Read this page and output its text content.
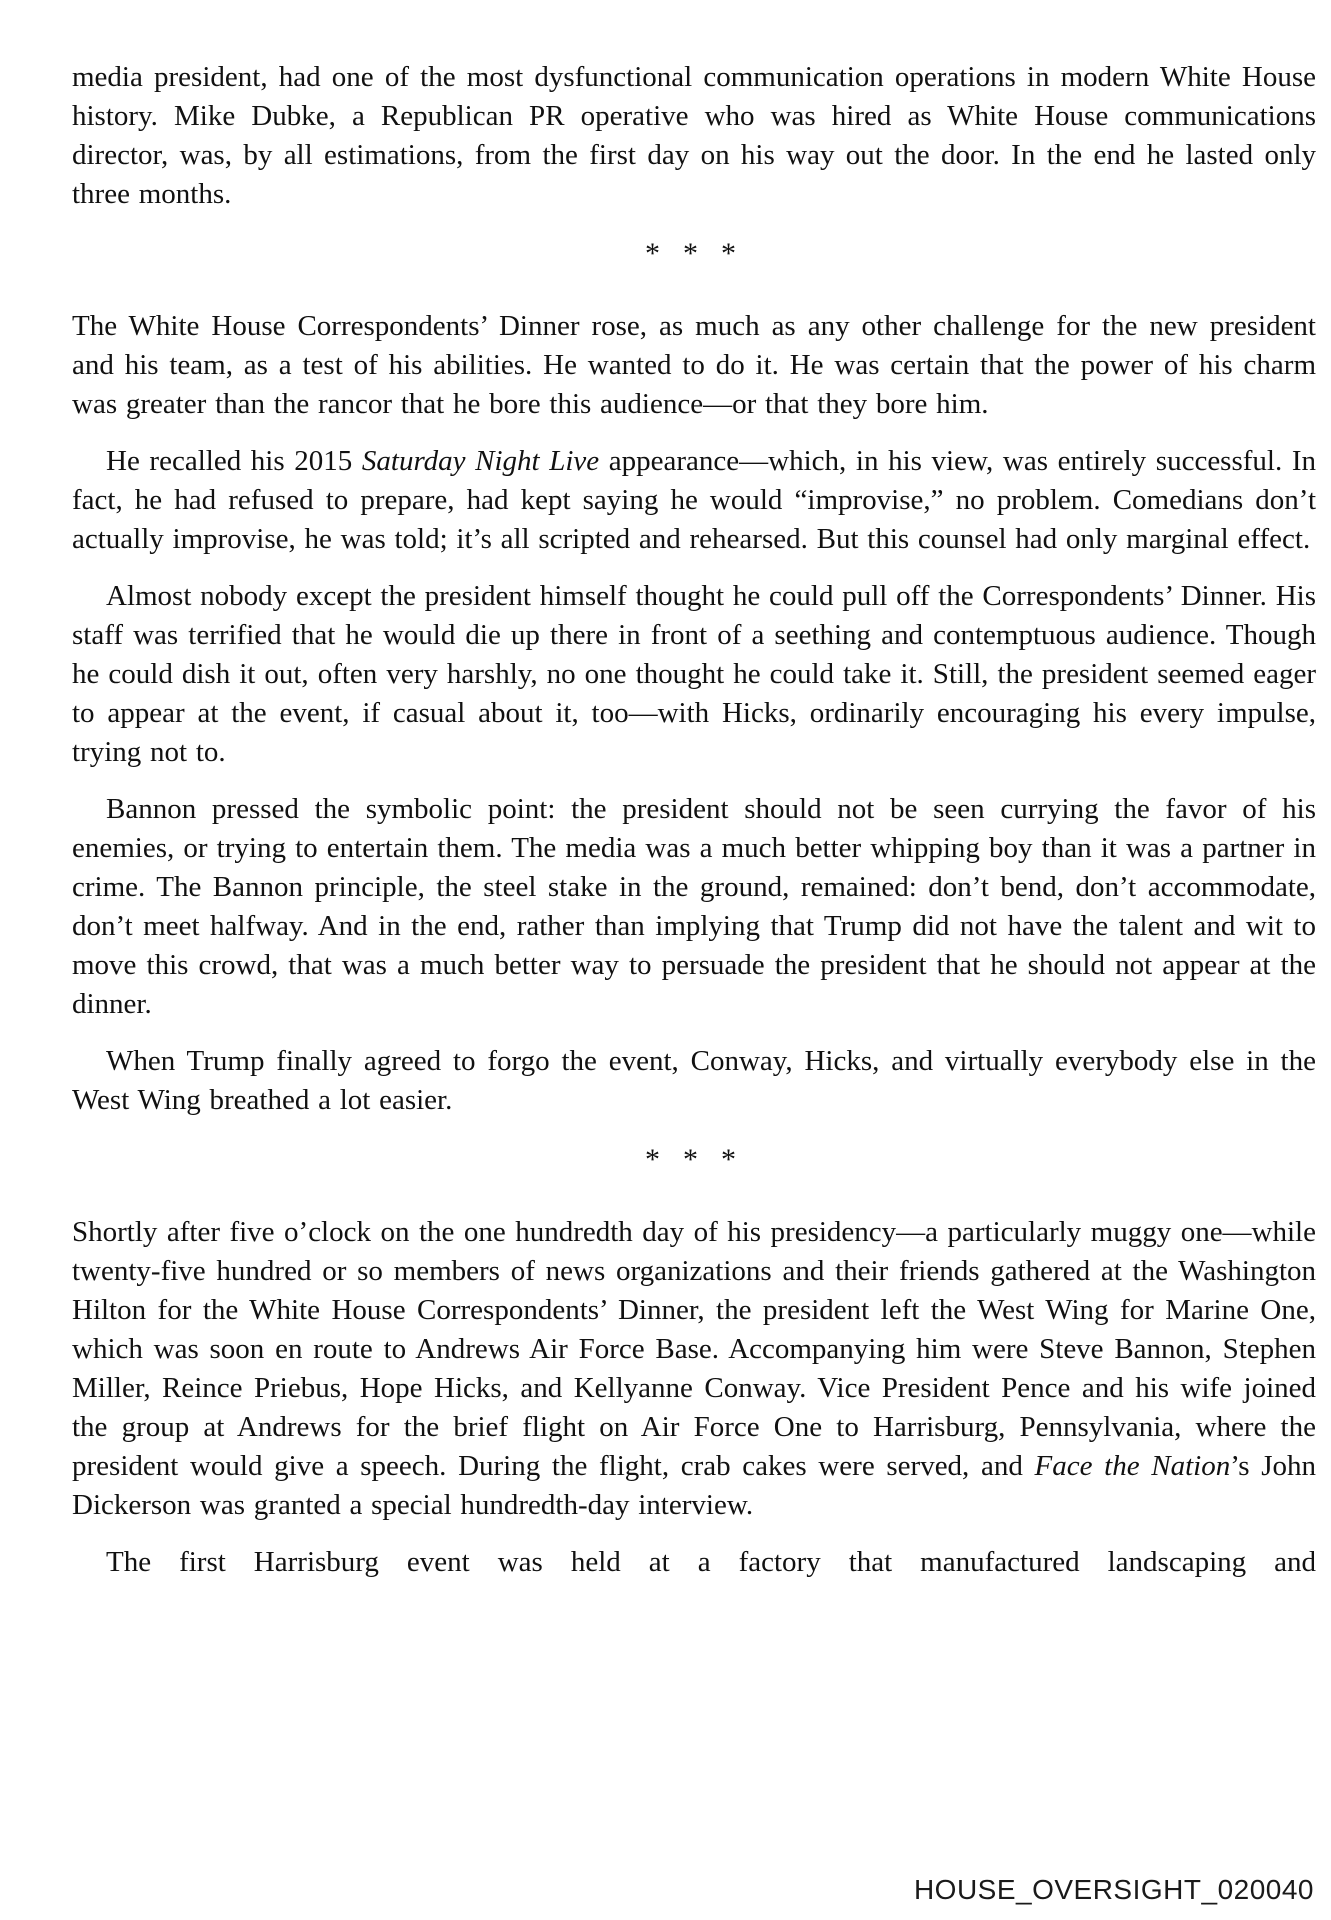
media president, had one of the most dysfunctional communication operations in modern White House history. Mike Dubke, a Republican PR operative who was hired as White House communications director, was, by all estimations, from the first day on his way out the door. In the end he lasted only three months.

* * *

The White House Correspondents’ Dinner rose, as much as any other challenge for the new president and his team, as a test of his abilities. He wanted to do it. He was certain that the power of his charm was greater than the rancor that he bore this audience—or that they bore him.

He recalled his 2015 Saturday Night Live appearance—which, in his view, was entirely successful. In fact, he had refused to prepare, had kept saying he would “improvise,” no problem. Comedians don’t actually improvise, he was told; it’s all scripted and rehearsed. But this counsel had only marginal effect.

Almost nobody except the president himself thought he could pull off the Correspondents’ Dinner. His staff was terrified that he would die up there in front of a seething and contemptuous audience. Though he could dish it out, often very harshly, no one thought he could take it. Still, the president seemed eager to appear at the event, if casual about it, too—with Hicks, ordinarily encouraging his every impulse, trying not to.

Bannon pressed the symbolic point: the president should not be seen currying the favor of his enemies, or trying to entertain them. The media was a much better whipping boy than it was a partner in crime. The Bannon principle, the steel stake in the ground, remained: don’t bend, don’t accommodate, don’t meet halfway. And in the end, rather than implying that Trump did not have the talent and wit to move this crowd, that was a much better way to persuade the president that he should not appear at the dinner.

When Trump finally agreed to forgo the event, Conway, Hicks, and virtually everybody else in the West Wing breathed a lot easier.

* * *

Shortly after five o’clock on the one hundredth day of his presidency—a particularly muggy one—while twenty-five hundred or so members of news organizations and their friends gathered at the Washington Hilton for the White House Correspondents’ Dinner, the president left the West Wing for Marine One, which was soon en route to Andrews Air Force Base. Accompanying him were Steve Bannon, Stephen Miller, Reince Priebus, Hope Hicks, and Kellyanne Conway. Vice President Pence and his wife joined the group at Andrews for the brief flight on Air Force One to Harrisburg, Pennsylvania, where the president would give a speech. During the flight, crab cakes were served, and Face the Nation’s John Dickerson was granted a special hundredth-day interview.

The first Harrisburg event was held at a factory that manufactured landscaping and

HOUSE_OVERSIGHT_020040
